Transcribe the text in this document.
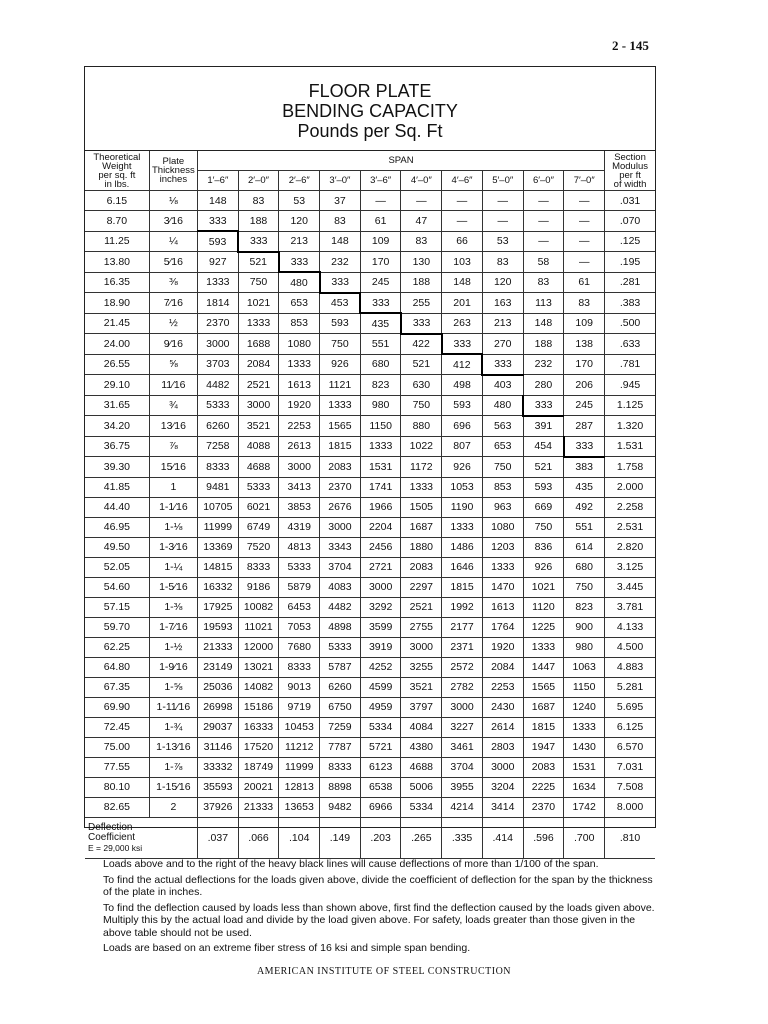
2 - 145
FLOOR PLATE
BENDING CAPACITY
Pounds per Sq. Ft
Theoretical
Weight
per sq. ft
in lbs.	Plate
Thickness
inches	SPAN										Section
Modulus
per ft
of width
		1′–6″	2′–0″	2′–6″	3′–0″	3′–6″	4′–0″	4′–6″	5′–0″	6′–0″	7′–0″	
6.15	⅛	148	83	53	37	—	—	—	—	—	—	.031
8.70	3⁄16	333	188	120	83	61	47	—	—	—	—	.070
11.25	¼	593	333	213	148	109	83	66	53	—	—	.125
13.80	5⁄16	927	521	333	232	170	130	103	83	58	—	.195
16.35	⅜	1333	750	480	333	245	188	148	120	83	61	.281
18.90	7⁄16	1814	1021	653	453	333	255	201	163	113	83	.383
21.45	½	2370	1333	853	593	435	333	263	213	148	109	.500
24.00	9⁄16	3000	1688	1080	750	551	422	333	270	188	138	.633
26.55	⅝	3703	2084	1333	926	680	521	412	333	232	170	.781
29.10	11⁄16	4482	2521	1613	1121	823	630	498	403	280	206	.945
31.65	¾	5333	3000	1920	1333	980	750	593	480	333	245	1.125
34.20	13⁄16	6260	3521	2253	1565	1150	880	696	563	391	287	1.320
36.75	⅞	7258	4088	2613	1815	1333	1022	807	653	454	333	1.531
39.30	15⁄16	8333	4688	3000	2083	1531	1172	926	750	521	383	1.758
41.85	1	9481	5333	3413	2370	1741	1333	1053	853	593	435	2.000
44.40	1-1⁄16	10705	6021	3853	2676	1966	1505	1190	963	669	492	2.258
46.95	1-⅛	11999	6749	4319	3000	2204	1687	1333	1080	750	551	2.531
49.50	1-3⁄16	13369	7520	4813	3343	2456	1880	1486	1203	836	614	2.820
52.05	1-¼	14815	8333	5333	3704	2721	2083	1646	1333	926	680	3.125
54.60	1-5⁄16	16332	9186	5879	4083	3000	2297	1815	1470	1021	750	3.445
57.15	1-⅜	17925	10082	6453	4482	3292	2521	1992	1613	1120	823	3.781
59.70	1-7⁄16	19593	11021	7053	4898	3599	2755	2177	1764	1225	900	4.133
62.25	1-½	21333	12000	7680	5333	3919	3000	2371	1920	1333	980	4.500
64.80	1-9⁄16	23149	13021	8333	5787	4252	3255	2572	2084	1447	1063	4.883
67.35	1-⅝	25036	14082	9013	6260	4599	3521	2782	2253	1565	1150	5.281
69.90	1-11⁄16	26998	15186	9719	6750	4959	3797	3000	2430	1687	1240	5.695
72.45	1-¾	29037	16333	10453	7259	5334	4084	3227	2614	1815	1333	6.125
75.00	1-13⁄16	31146	17520	11212	7787	5721	4380	3461	2803	1947	1430	6.570
77.55	1-⅞	33332	18749	11999	8333	6123	4688	3704	3000	2083	1531	7.031
80.10	1-15⁄16	35593	20021	12813	8898	6538	5006	3955	3204	2225	1634	7.508
82.65	2	37926	21333	13653	9482	6966	5334	4214	3414	2370	1742	8.000

Deflection
Coefficient
E = 29,000 ksi		.037	.066	.104	.149	.203	.265	.335	.414	.596	.700	.810

Loads above and to the right of the heavy black lines will cause deflections of more than 1/100 of the span.

To find the actual deflections for the loads given above, divide the coefficient of deflection for the span by the thickness of the plate in inches.

To find the deflection caused by loads less than shown above, first find the deflection caused by the loads given above. Multiply this by the actual load and divide by the load given above. For safety, loads greater than those given in the above table should not be used.

Loads are based on an extreme fiber stress of 16 ksi and simple span bending.

AMERICAN INSTITUTE OF STEEL CONSTRUCTION
